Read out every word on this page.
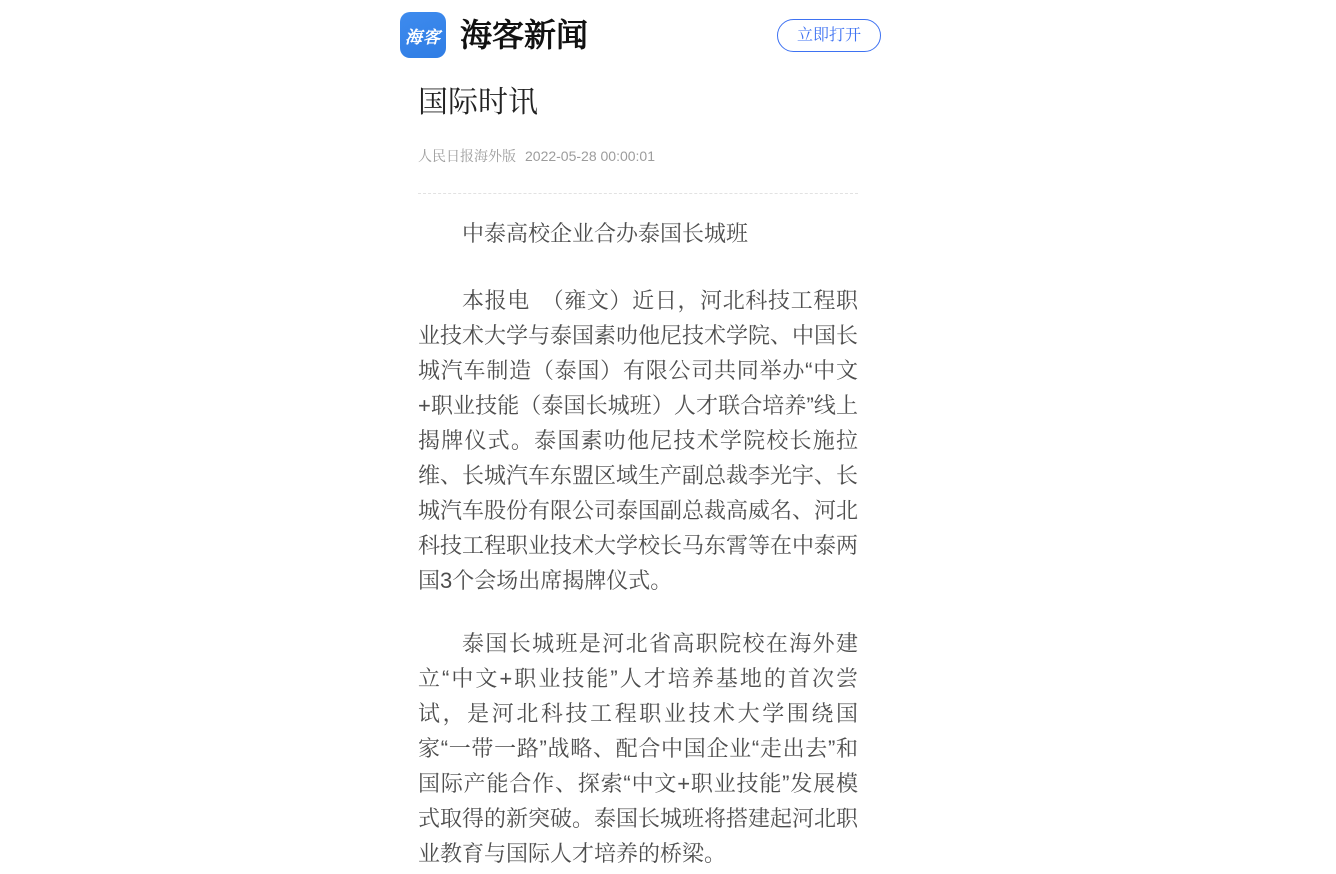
海客 海客新闻	立即打开
国际时讯
人民日报海外版 2022-05-28 00:00:01

中泰高校企业合办泰国长城班

本报电　（雍文）近日，河北科技工程职业技术大学与泰国素叻他尼技术学院、中国长城汽车制造（泰国）有限公司共同举办“中文+职业技能（泰国长城班）人才联合培养”线上揭牌仪式。泰国素叻他尼技术学院校长施拉维、长城汽车东盟区域生产副总裁李光宇、长城汽车股份有限公司泰国副总裁高威名、河北科技工程职业技术大学校长马东霄等在中泰两国3个会场出席揭牌仪式。

泰国长城班是河北省高职院校在海外建立“中文+职业技能”人才培养基地的首次尝试，是河北科技工程职业技术大学围绕国家“一带一路”战略、配合中国企业“走出去”和国际产能合作、探索“中文+职业技能”发展模式取得的新突破。泰国长城班将搭建起河北职业教育与国际人才培养的桥梁。
